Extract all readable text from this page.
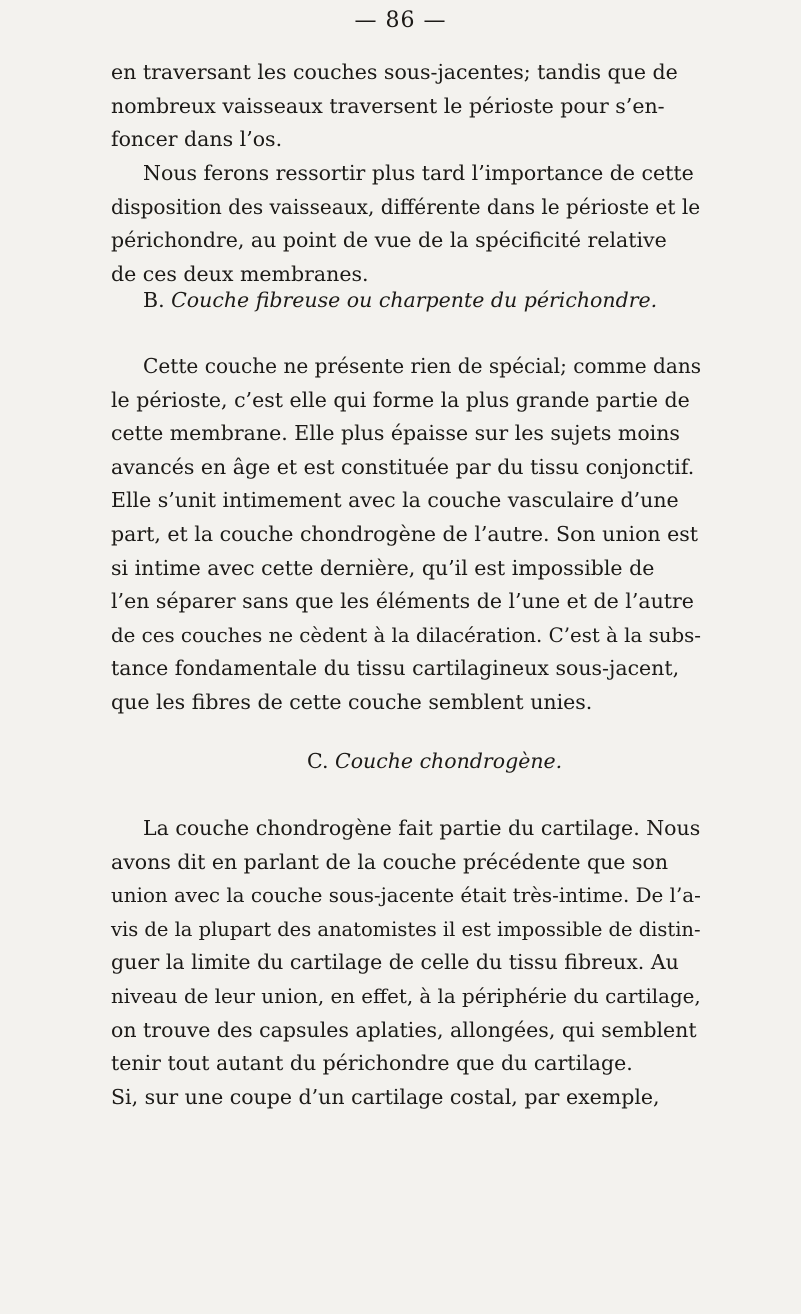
— 86 —

en traversant les couches sous-jacentes; tandis que de
nombreux vaisseaux traversent le périoste pour s’en-
foncer dans l’os.

Nous ferons ressortir plus tard l’importance de cette
disposition des vaisseaux, différente dans le périoste et le
périchondre, au point de vue de la spécificité relative
de ces deux membranes.

B. Couche fibreuse ou charpente du périchondre.

Cette couche ne présente rien de spécial; comme dans
le périoste, c’est elle qui forme la plus grande partie de
cette membrane. Elle plus épaisse sur les sujets moins
avancés en âge et est constituée par du tissu conjonctif.
Elle s’unit intimement avec la couche vasculaire d’une
part, et la couche chondrogène de l’autre. Son union est
si intime avec cette dernière, qu’il est impossible de
l’en séparer sans que les éléments de l’une et de l’autre
de ces couches ne cèdent à la dilacération. C’est à la subs-
tance fondamentale du tissu cartilagineux sous-jacent,
que les fibres de cette couche semblent unies.

C. Couche chondrogène.

La couche chondrogène fait partie du cartilage. Nous
avons dit en parlant de la couche précédente que son
union avec la couche sous-jacente était très-intime. De l’a-
vis de la plupart des anatomistes il est impossible de distin-
guer la limite du cartilage de celle du tissu fibreux. Au
niveau de leur union, en effet, à la périphérie du cartilage,
on trouve des capsules aplaties, allongées, qui semblent
tenir tout autant du périchondre que du cartilage.
Si, sur une coupe d’un cartilage costal, par exemple,
